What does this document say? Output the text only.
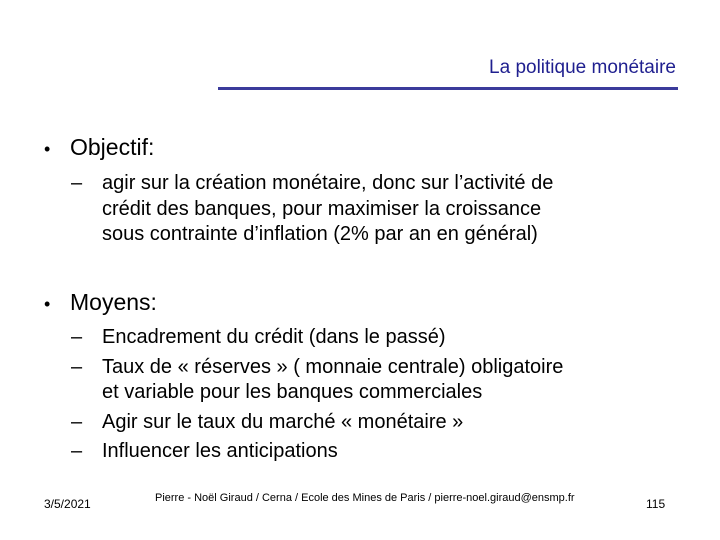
La politique monétaire
• Objectif:
– agir sur la création monétaire, donc sur l’activité de
crédit des banques, pour maximiser la croissance
sous contrainte d’inflation (2% par an en général)
• Moyens:
– Encadrement du crédit (dans le passé)
– Taux de « réserves » ( monnaie centrale) obligatoire
et variable pour les banques commerciales
– Agir sur le taux du marché « monétaire »
– Influencer les anticipations
3/5/2021	Pierre - Noël Giraud / Cerna / Ecole des Mines de Paris / pierre-noel.giraud@ensmp.fr	115
